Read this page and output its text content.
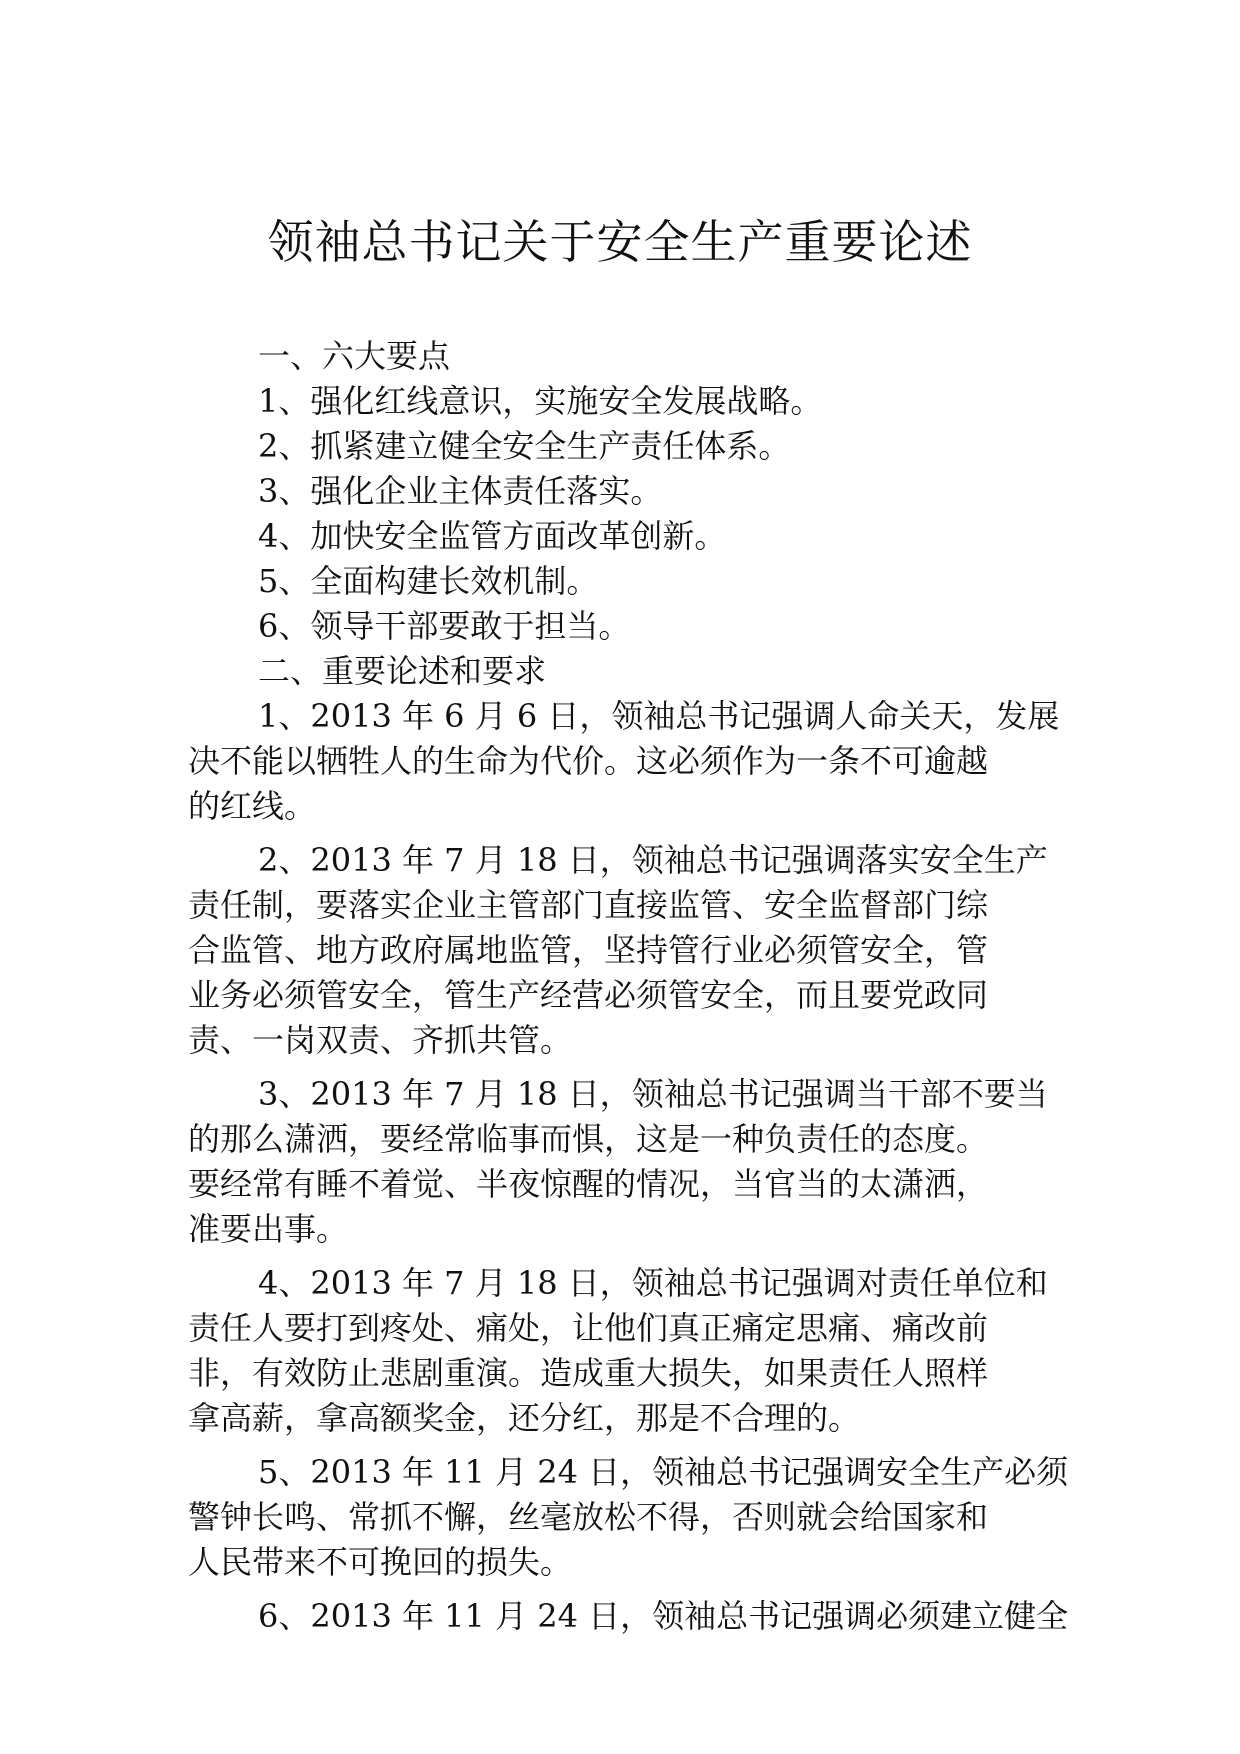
领袖总书记关于安全生产重要论述
一、六大要点
1、强化红线意识，实施安全发展战略。
2、抓紧建立健全安全生产责任体系。
3、强化企业主体责任落实。
4、加快安全监管方面改革创新。
5、全面构建长效机制。
6、领导干部要敢于担当。
二、重要论述和要求
1、2013 年 6 月 6 日，领袖总书记强调人命关天，发展
决不能以牺牲人的生命为代价。这必须作为一条不可逾越
的红线。
2、2013 年 7 月 18 日，领袖总书记强调落实安全生产
责任制，要落实企业主管部门直接监管、安全监督部门综
合监管、地方政府属地监管，坚持管行业必须管安全，管
业务必须管安全，管生产经营必须管安全，而且要党政同
责、一岗双责、齐抓共管。
3、2013 年 7 月 18 日，领袖总书记强调当干部不要当
的那么潇洒，要经常临事而惧，这是一种负责任的态度。
要经常有睡不着觉、半夜惊醒的情况，当官当的太潇洒，
准要出事。
4、2013 年 7 月 18 日，领袖总书记强调对责任单位和
责任人要打到疼处、痛处，让他们真正痛定思痛、痛改前
非，有效防止悲剧重演。造成重大损失，如果责任人照样
拿高薪，拿高额奖金，还分红，那是不合理的。
5、2013 年 11 月 24 日，领袖总书记强调安全生产必须
警钟长鸣、常抓不懈，丝毫放松不得，否则就会给国家和
人民带来不可挽回的损失。
6、2013 年 11 月 24 日，领袖总书记强调必须建立健全
